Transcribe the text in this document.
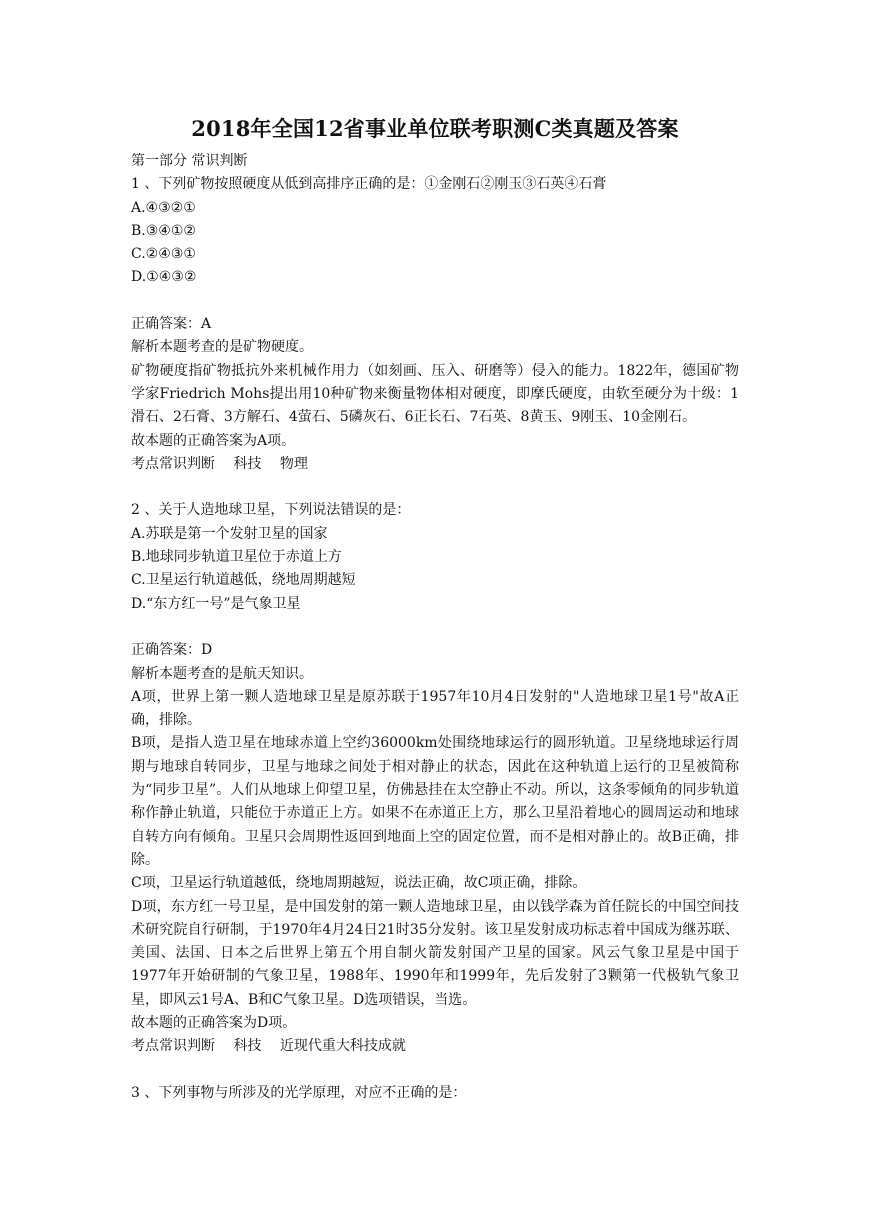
2018年全国12省事业单位联考职测C类真题及答案
第一部分 常识判断
1 、下列矿物按照硬度从低到高排序正确的是：①金刚石②刚玉③石英④石膏
A.④③②①
B.③④①②
C.②④③①
D.①④③②
正确答案：A
解析本题考查的是矿物硬度。
矿物硬度指矿物抵抗外来机械作用力（如刻画、压入、研磨等）侵入的能力。1822年，德国矿物学家Friedrich Mohs提出用10种矿物来衡量物体相对硬度，即摩氏硬度，由软至硬分为十级：1滑石、2石膏、3方解石、4萤石、5磷灰石、6正长石、7石英、8黄玉、9刚玉、10金刚石。
故本题的正确答案为A项。
考点常识判断 科技 物理
2 、关于人造地球卫星，下列说法错误的是：
A.苏联是第一个发射卫星的国家
B.地球同步轨道卫星位于赤道上方
C.卫星运行轨道越低，绕地周期越短
D.“东方红一号”是气象卫星
正确答案：D
解析本题考查的是航天知识。
A项，世界上第一颗人造地球卫星是原苏联于1957年10月4日发射的"人造地球卫星1号"故A正确，排除。
B项，是指人造卫星在地球赤道上空约36000km处围绕地球运行的圆形轨道。卫星绕地球运行周期与地球自转同步，卫星与地球之间处于相对静止的状态，因此在这种轨道上运行的卫星被简称为“同步卫星”。人们从地球上仰望卫星，仿佛悬挂在太空静止不动。所以，这条零倾角的同步轨道称作静止轨道，只能位于赤道正上方。如果不在赤道正上方，那么卫星沿着地心的圆周运动和地球自转方向有倾角。卫星只会周期性返回到地面上空的固定位置，而不是相对静止的。故B正确，排除。
C项，卫星运行轨道越低，绕地周期越短，说法正确，故C项正确，排除。
D项，东方红一号卫星，是中国发射的第一颗人造地球卫星，由以钱学森为首任院长的中国空间技术研究院自行研制，于1970年4月24日21时35分发射。该卫星发射成功标志着中国成为继苏联、美国、法国、日本之后世界上第五个用自制火箭发射国产卫星的国家。风云气象卫星是中国于1977年开始研制的气象卫星，1988年、1990年和1999年，先后发射了3颗第一代极轨气象卫星，即风云1号A、B和C气象卫星。D选项错误，当选。
故本题的正确答案为D项。
考点常识判断 科技 近现代重大科技成就
3 、下列事物与所涉及的光学原理，对应不正确的是：
